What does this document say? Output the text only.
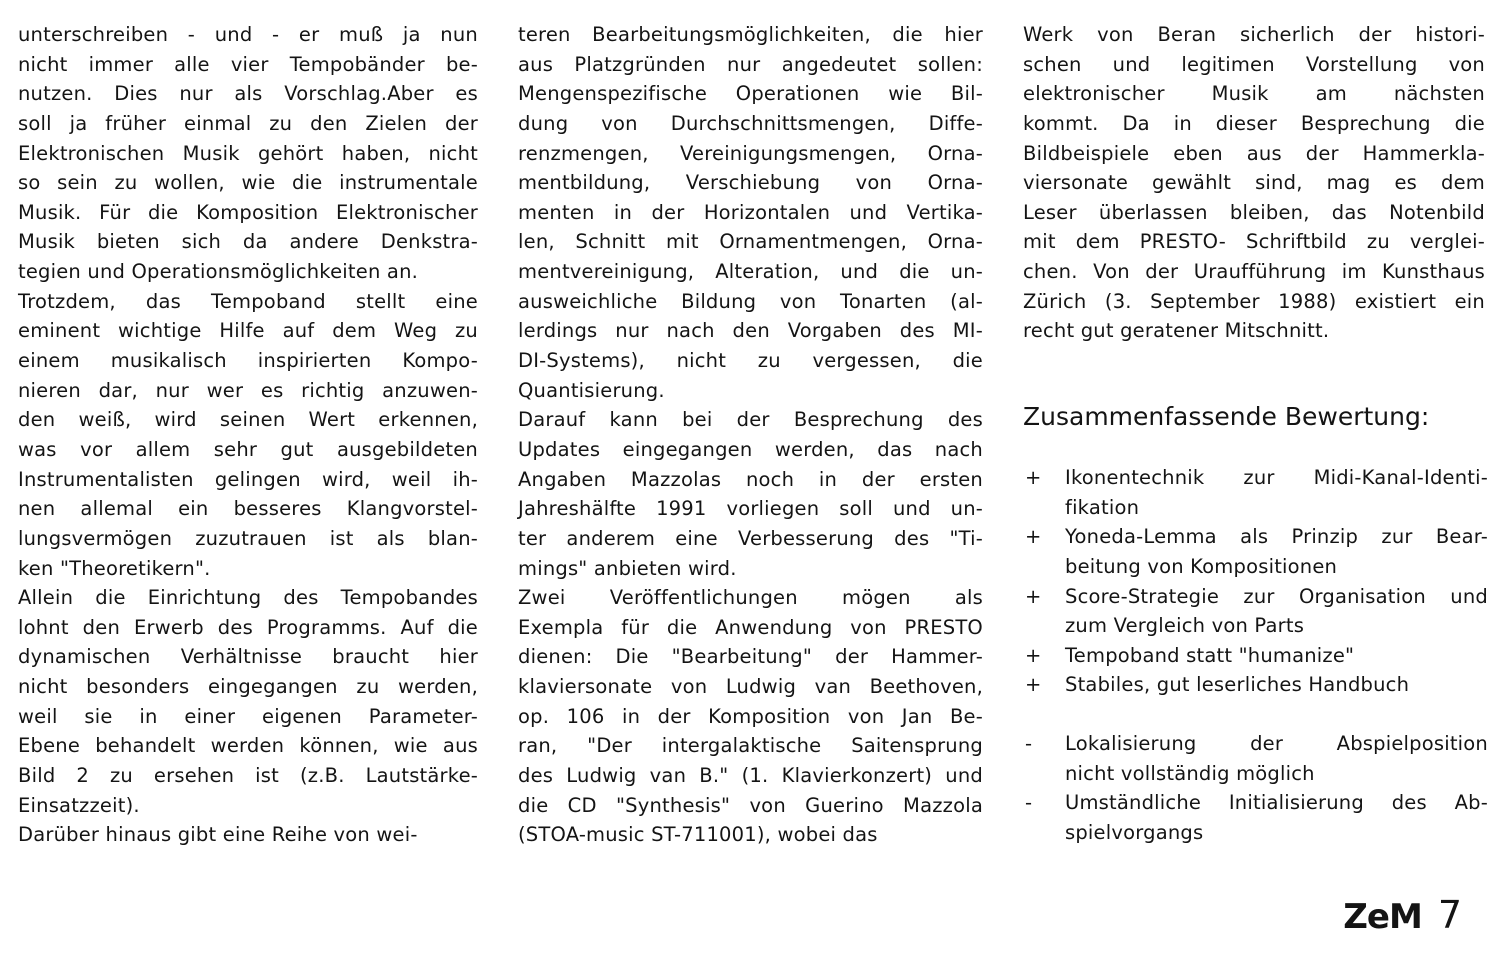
unterschreiben - und - er muß ja nun
nicht immer alle vier Tempobänder be-
nutzen. Dies nur als Vorschlag.Aber es
soll ja früher einmal zu den Zielen der
Elektronischen Musik gehört haben, nicht
so sein zu wollen, wie die instrumentale
Musik. Für die Komposition Elektronischer
Musik bieten sich da andere Denkstra-
tegien und Operationsmöglichkeiten an.
Trotzdem, das Tempoband stellt eine
eminent wichtige Hilfe auf dem Weg zu
einem musikalisch inspirierten Kompo-
nieren dar, nur wer es richtig anzuwen-
den weiß, wird seinen Wert erkennen,
was vor allem sehr gut ausgebildeten
Instrumentalisten gelingen wird, weil ih-
nen allemal ein besseres Klangvorstel-
lungsvermögen zuzutrauen ist als blan-
ken "Theoretikern".
Allein die Einrichtung des Tempobandes
lohnt den Erwerb des Programms. Auf die
dynamischen Verhältnisse braucht hier
nicht besonders eingegangen zu werden,
weil sie in einer eigenen Parameter-
Ebene behandelt werden können, wie aus
Bild 2 zu ersehen ist (z.B. Lautstärke-
Einsatzzeit).
Darüber hinaus gibt eine Reihe von wei-
teren Bearbeitungsmöglichkeiten, die hier
aus Platzgründen nur angedeutet sollen:
Mengenspezifische Operationen wie Bil-
dung von Durchschnittsmengen, Diffe-
renzmengen, Vereinigungsmengen, Orna-
mentbildung, Verschiebung von Orna-
menten in der Horizontalen und Vertika-
len, Schnitt mit Ornamentmengen, Orna-
mentvereinigung, Alteration, und die un-
ausweichliche Bildung von Tonarten (al-
lerdings nur nach den Vorgaben des MI-
DI-Systems), nicht zu vergessen, die
Quantisierung.
Darauf kann bei der Besprechung des
Updates eingegangen werden, das nach
Angaben Mazzolas noch in der ersten
Jahreshälfte 1991 vorliegen soll und un-
ter anderem eine Verbesserung des "Ti-
mings" anbieten wird.
Zwei Veröffentlichungen mögen als
Exempla für die Anwendung von PRESTO
dienen: Die "Bearbeitung" der Hammer-
klaviersonate von Ludwig van Beethoven,
op. 106 in der Komposition von Jan Be-
ran, "Der intergalaktische Saitensprung
des Ludwig van B." (1. Klavierkonzert) und
die CD "Synthesis" von Guerino Mazzola
(STOA-music ST-711001), wobei das
Werk von Beran sicherlich der histori-
schen und legitimen Vorstellung von
elektronischer Musik am nächsten
kommt. Da in dieser Besprechung die
Bildbeispiele eben aus der Hammerkla-
viersonate gewählt sind, mag es dem
Leser überlassen bleiben, das Notenbild
mit dem PRESTO- Schriftbild zu verglei-
chen. Von der Uraufführung im Kunsthaus
Zürich (3. September 1988) existiert ein
recht gut geratener Mitschnitt.
Zusammenfassende Bewertung:
+ Ikonentechnik zur Midi-Kanal-Identi-
fikation
+ Yoneda-Lemma als Prinzip zur Bear-
beitung von Kompositionen
+ Score-Strategie zur Organisation und
zum Vergleich von Parts
+ Tempoband statt "humanize"
+ Stabiles, gut leserliches Handbuch
- Lokalisierung der Abspielposition
nicht vollständig möglich
- Umständliche Initialisierung des Ab-
spielvorgangs
ZeM 7
